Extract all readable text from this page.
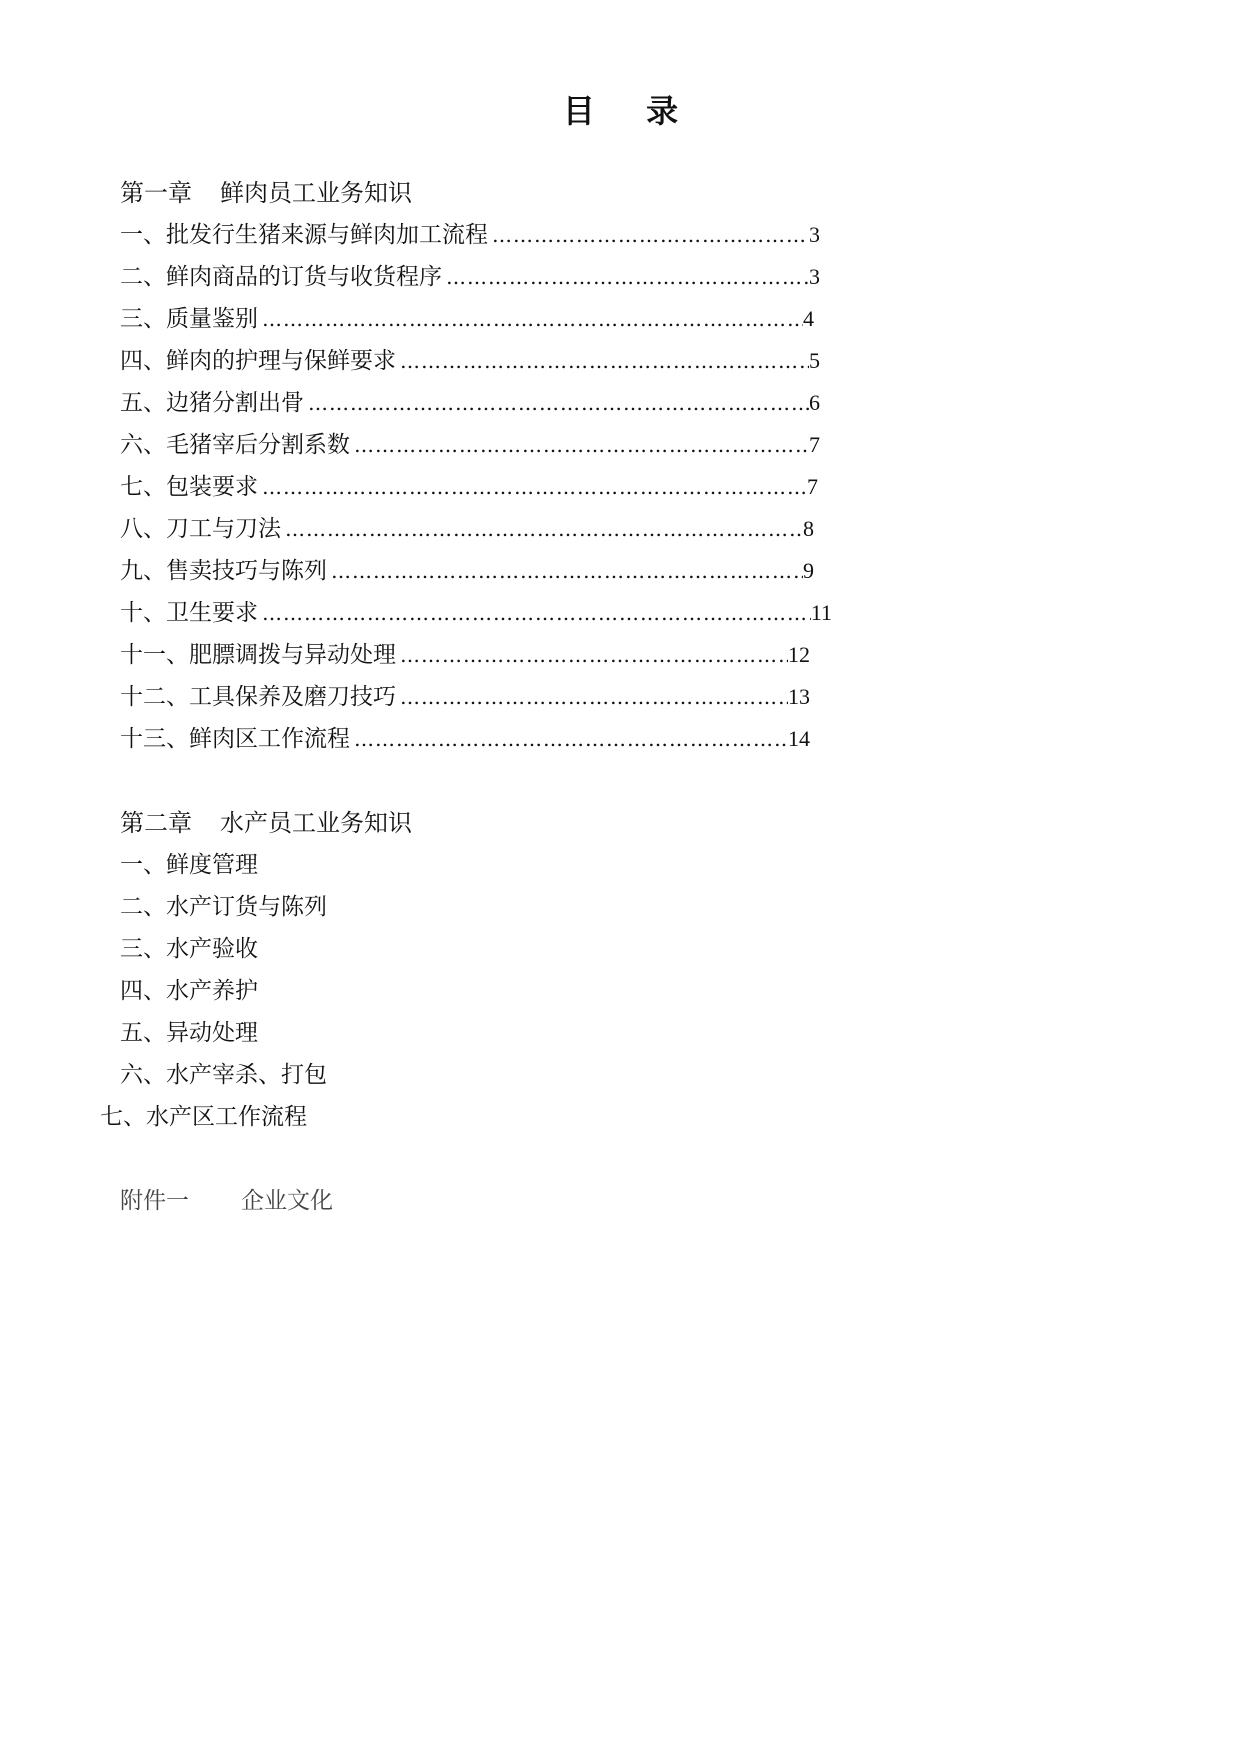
目 录
第一章 鲜肉员工业务知识
一、 批发行生猪来源与鲜肉加工流程 …………………………………………………………………………………………………………………………………………………………………………………………	3
二、 鲜肉商品的订货与收货程序 …………………………………………………………………………………………………………………………………………………………………………………………	3
三、 质量鉴别 …………………………………………………………………………………………………………………………………………………………………………………………	4
四、 鲜肉的护理与保鲜要求 …………………………………………………………………………………………………………………………………………………………………………………………	5
五、 边猪分割出骨 …………………………………………………………………………………………………………………………………………………………………………………………	6
六、 毛猪宰后分割系数 …………………………………………………………………………………………………………………………………………………………………………………………	7
七、 包装要求 …………………………………………………………………………………………………………………………………………………………………………………………	7
八、 刀工与刀法 …………………………………………………………………………………………………………………………………………………………………………………………	8
九、 售卖技巧与陈列 …………………………………………………………………………………………………………………………………………………………………………………………	9
十、 卫生要求 …………………………………………………………………………………………………………………………………………………………………………………………	11
十一、 肥膘调拨与异动处理 …………………………………………………………………………………………………………………………………………………………………………………………	12
十二、 工具保养及磨刀技巧 …………………………………………………………………………………………………………………………………………………………………………………………	13
十三、 鲜肉区工作流程 …………………………………………………………………………………………………………………………………………………………………………………………	14
第二章 水产员工业务知识
一、鲜度管理
二、水产订货与陈列
三、水产验收
四、水产养护
五、异动处理
六、水产宰杀、打包
七、水产区工作流程
附件一 企业文化
